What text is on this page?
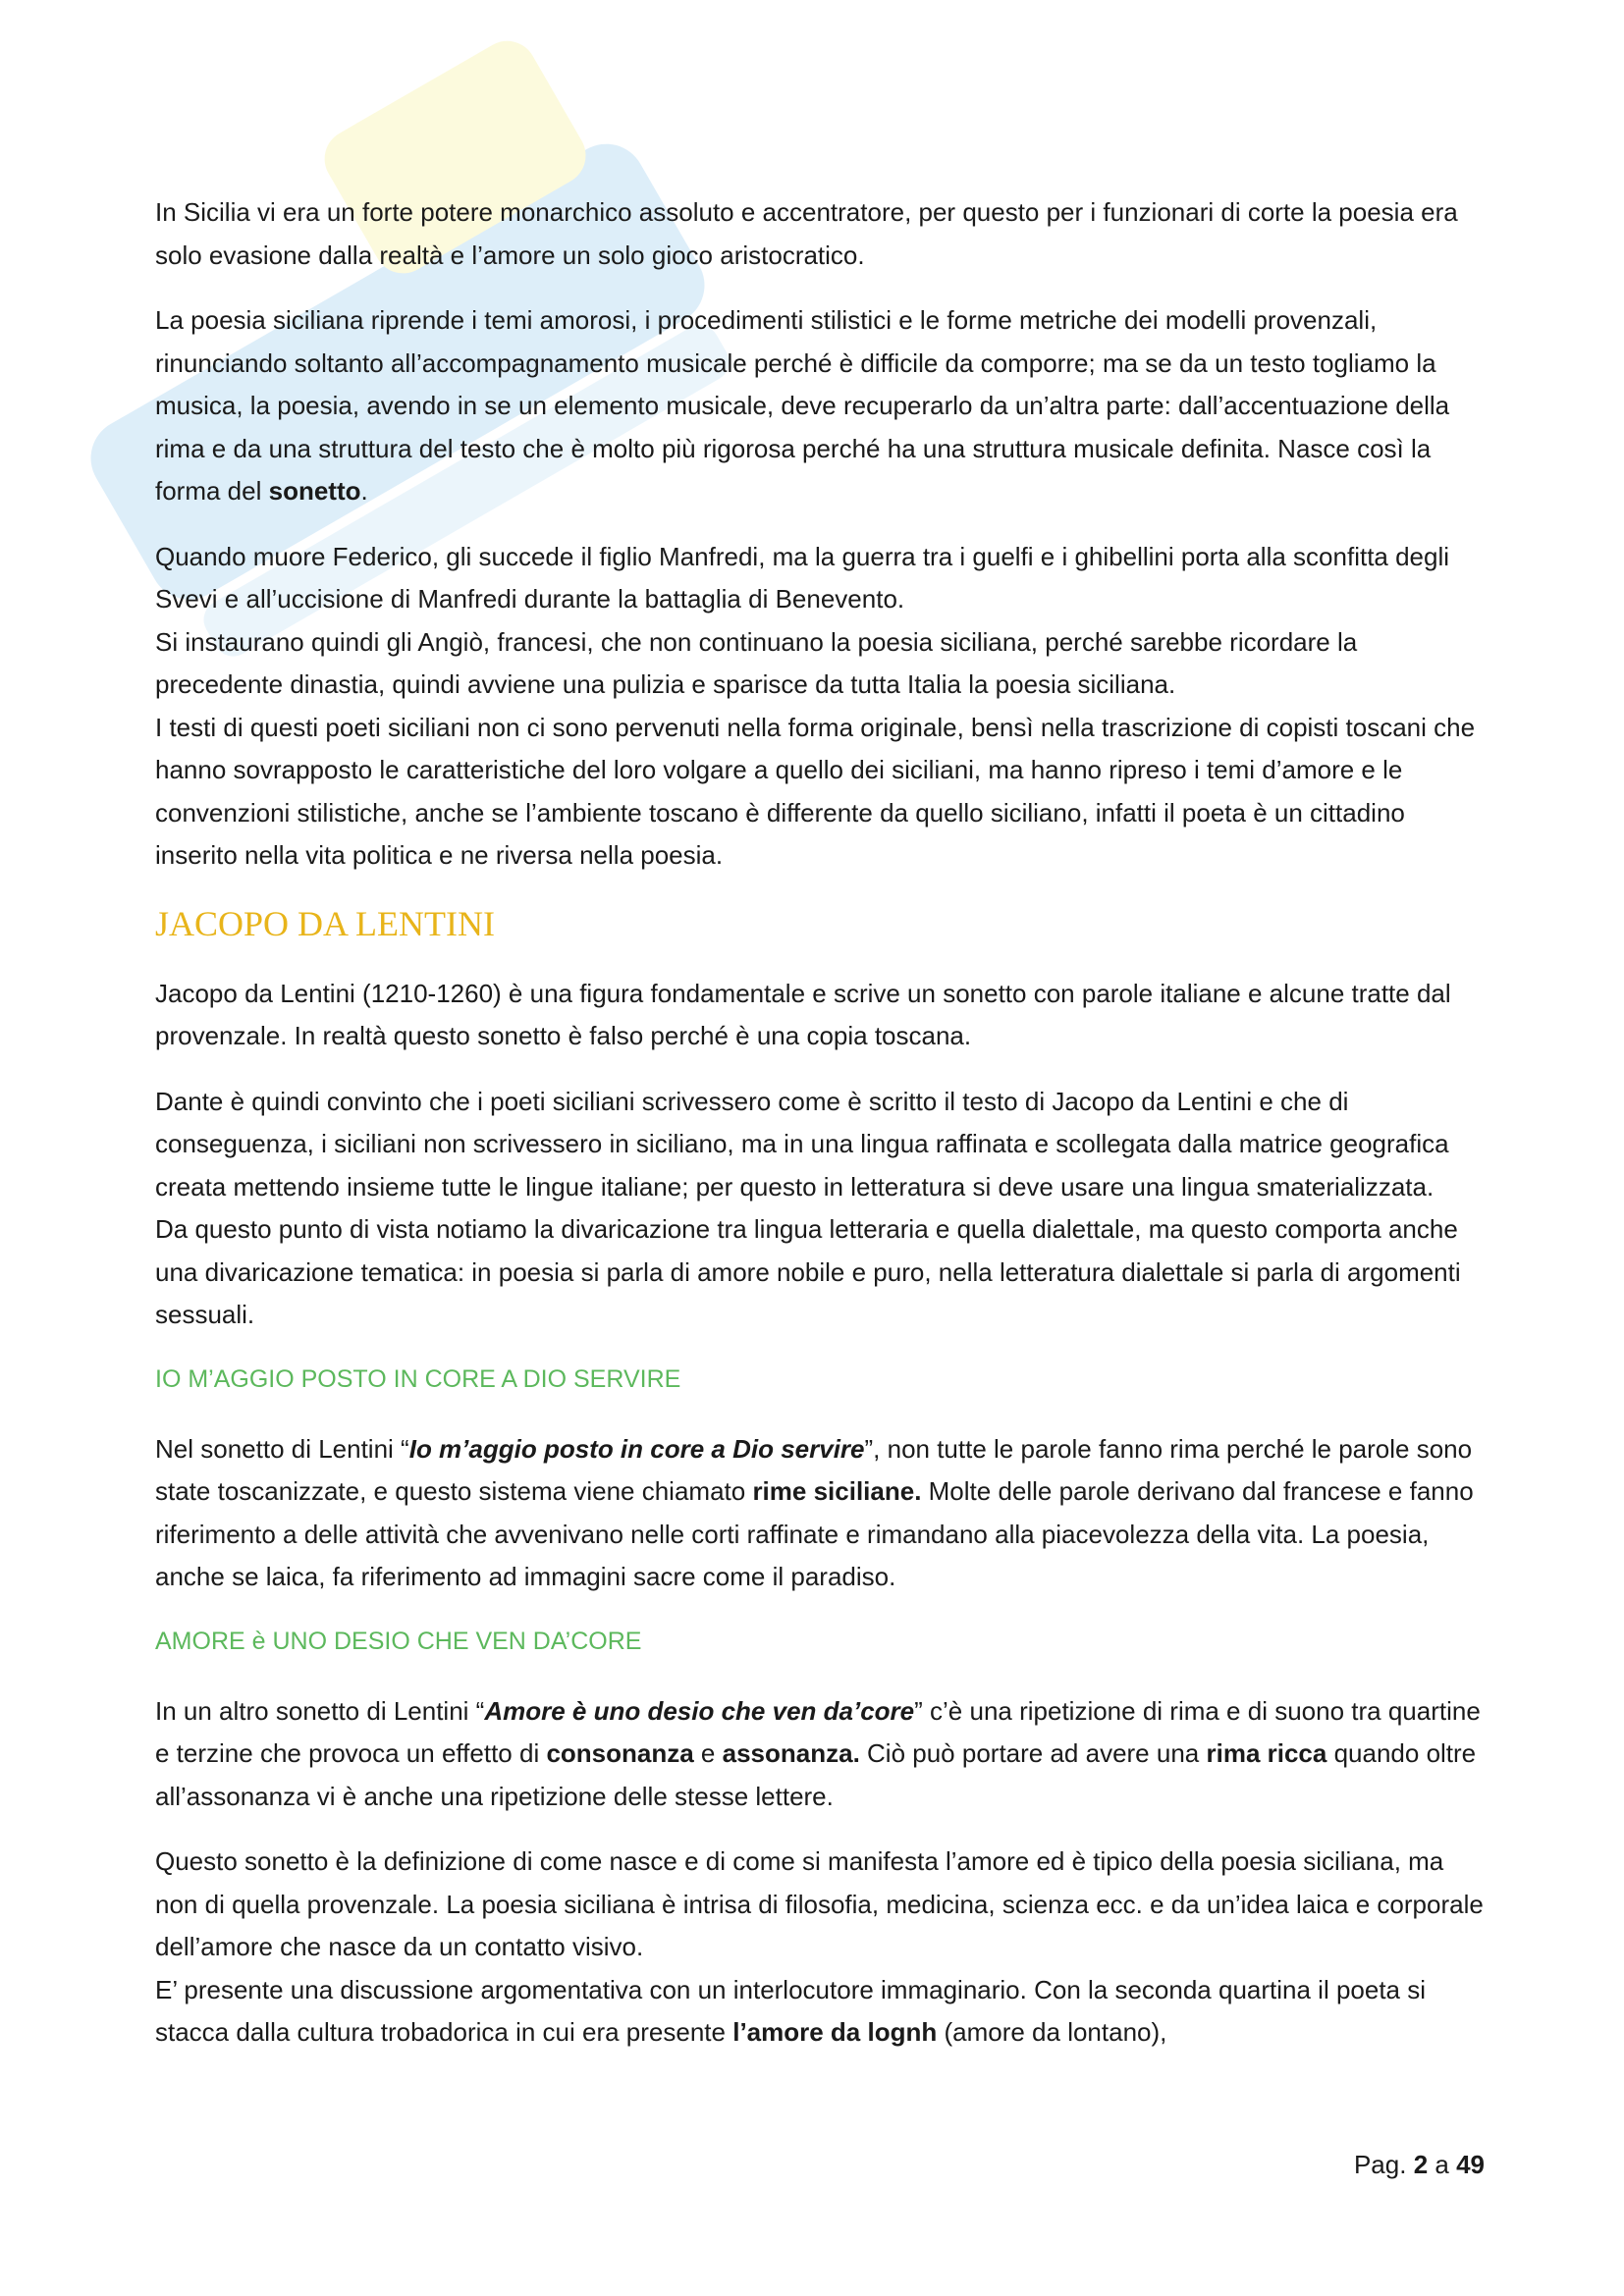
In Sicilia vi era un forte potere monarchico assoluto e accentratore, per questo per i funzionari di corte la poesia era solo evasione dalla realtà e l’amore un solo gioco aristocratico.

La poesia siciliana riprende i temi amorosi, i procedimenti stilistici e le forme metriche dei modelli provenzali, rinunciando soltanto all’accompagnamento musicale perché è difficile da comporre; ma se da un testo togliamo la musica, la poesia, avendo in se un elemento musicale, deve recuperarlo da un’altra parte: dall’accentuazione della rima e da una struttura del testo che è molto più rigorosa perché ha una struttura musicale definita. Nasce così la forma del sonetto.

Quando muore Federico, gli succede il figlio Manfredi, ma la guerra tra i guelfi e i ghibellini porta alla sconfitta degli Svevi e all’uccisione di Manfredi durante la battaglia di Benevento.

Si instaurano quindi gli Angiò, francesi, che non continuano la poesia siciliana, perché sarebbe ricordare la precedente dinastia, quindi avviene una pulizia e sparisce da tutta Italia la poesia siciliana.

I testi di questi poeti siciliani non ci sono pervenuti nella forma originale, bensì nella trascrizione di copisti toscani che hanno sovrapposto le caratteristiche del loro volgare a quello dei siciliani, ma hanno ripreso i temi d’amore e le convenzioni stilistiche, anche se l’ambiente toscano è differente da quello siciliano, infatti il poeta è un cittadino inserito nella vita politica e ne riversa nella poesia.

JACOPO DA LENTINI

Jacopo da Lentini (1210-1260) è una figura fondamentale e scrive un sonetto con parole italiane e alcune tratte dal provenzale. In realtà questo sonetto è falso perché è una copia toscana.

Dante è quindi convinto che i poeti siciliani scrivessero come è scritto il testo di Jacopo da Lentini e che di conseguenza, i siciliani non scrivessero in siciliano, ma in una lingua raffinata e scollegata dalla matrice geografica creata mettendo insieme tutte le lingue italiane; per questo in letteratura si deve usare una lingua smaterializzata.

Da questo punto di vista notiamo la divaricazione tra lingua letteraria e quella dialettale, ma questo comporta anche una divaricazione tematica: in poesia si parla di amore nobile e puro, nella letteratura dialettale si parla di argomenti sessuali.

IO M’AGGIO POSTO IN CORE A DIO SERVIRE

Nel sonetto di Lentini “Io m’aggio posto in core a Dio servire”, non tutte le parole fanno rima perché le parole sono state toscanizzate, e questo sistema viene chiamato rime siciliane. Molte delle parole derivano dal francese e fanno riferimento a delle attività che avvenivano nelle corti raffinate e rimandano alla piacevolezza della vita. La poesia, anche se laica, fa riferimento ad immagini sacre come il paradiso.

AMORE è UNO DESIO CHE VEN DA’CORE

In un altro sonetto di Lentini “Amore è uno desio che ven da’core” c’è una ripetizione di rima e di suono tra quartine e terzine che provoca un effetto di consonanza e assonanza. Ciò può portare ad avere una rima ricca quando oltre all’assonanza vi è anche una ripetizione delle stesse lettere.

Questo sonetto è la definizione di come nasce e di come si manifesta l’amore ed è tipico della poesia siciliana, ma non di quella provenzale. La poesia siciliana è intrisa di filosofia, medicina, scienza ecc. e da un’idea laica e corporale dell’amore che nasce da un contatto visivo.

E’ presente una discussione argomentativa con un interlocutore immaginario. Con la seconda quartina il poeta si stacca dalla cultura trobadorica in cui era presente l’amore da lognh (amore da lontano),

Pag. 2 a 49
